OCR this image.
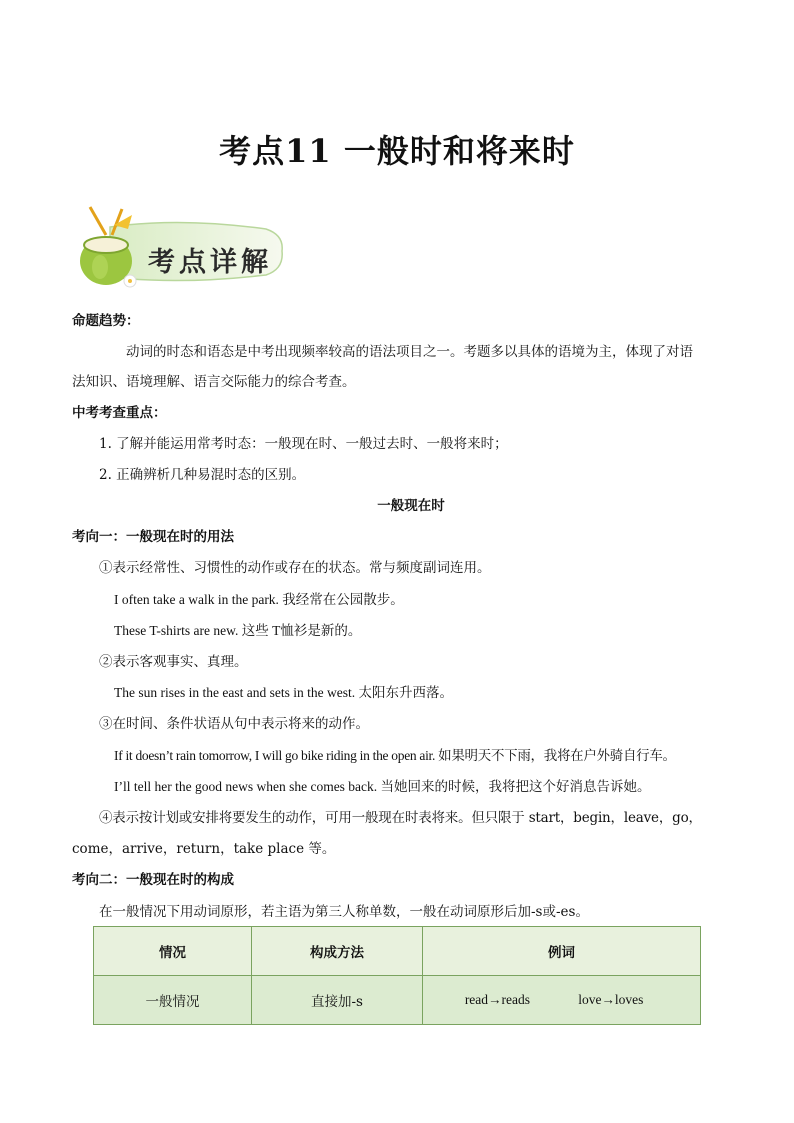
考点11 一般时和将来时
考点详解
命题趋势：
动词的时态和语态是中考出现频率较高的语法项目之一。考题多以具体的语境为主，体现了对语
法知识、语境理解、语言交际能力的综合考查。
中考考查重点：
1. 了解并能运用常考时态：一般现在时、一般过去时、一般将来时；
2. 正确辨析几种易混时态的区别。
一般现在时
考向一：一般现在时的用法
①表示经常性、习惯性的动作或存在的状态。常与频度副词连用。
I often take a walk in the park. 我经常在公园散步。
These T-shirts are new. 这些 T恤衫是新的。
②表示客观事实、真理。
The sun rises in the east and sets in the west. 太阳东升西落。
③在时间、条件状语从句中表示将来的动作。
If it doesn’t rain tomorrow, I will go bike riding in the open air. 如果明天不下雨，我将在户外骑自行车。
I’ll tell her the good news when she comes back. 当她回来的时候，我将把这个好消息告诉她。
④表示按计划或安排将要发生的动作，可用一般现在时表将来。但只限于 start，begin，leave，go，
come，arrive，return，take place 等。
考向二：一般现在时的构成
在一般情况下用动词原形，若主语为第三人称单数，一般在动词原形后加-s或-es。
情况	构成方法	例词
一般情况	直接加-s	read→reads love→loves
